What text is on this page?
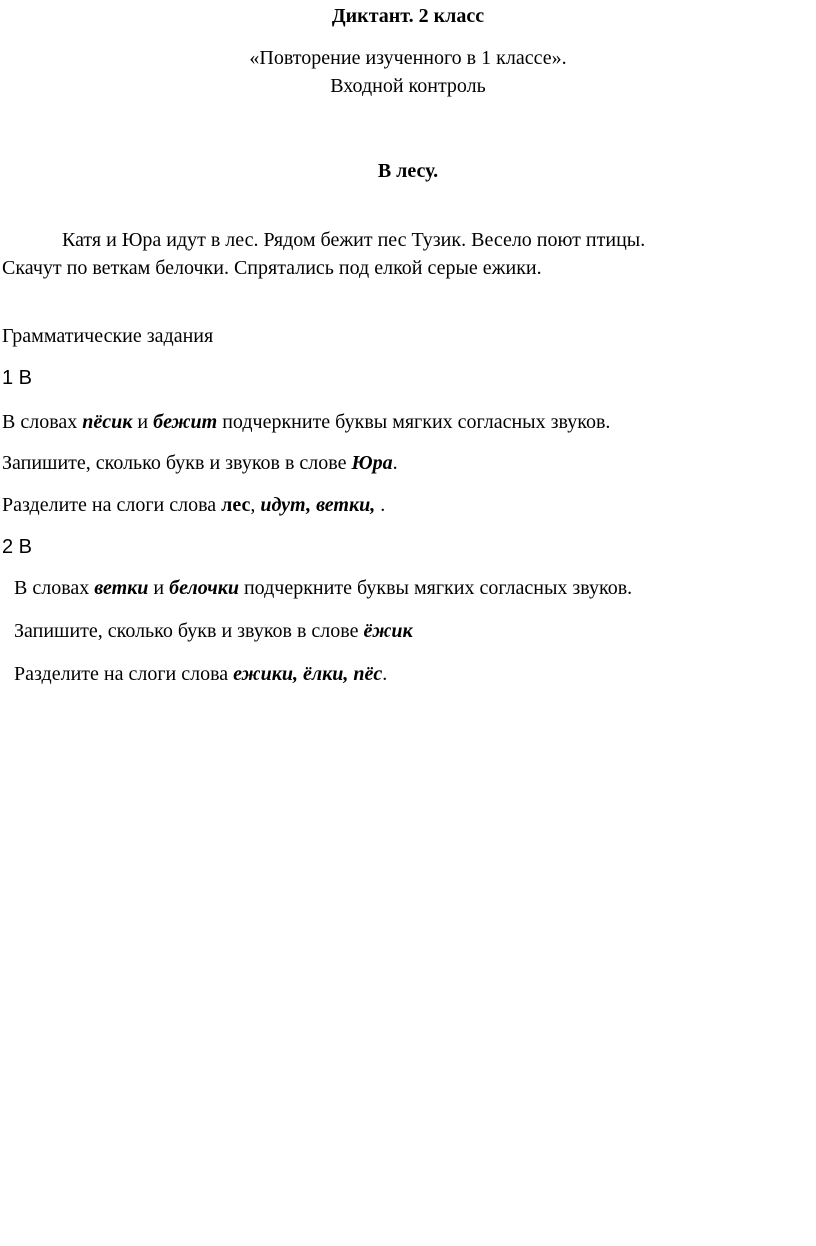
Диктант. 2 класс
«Повторение изученного в 1 классе».
Входной контроль
В лесу.
Катя и Юра идут в лес. Рядом бежит пес Тузик. Весело поют птицы.
Скачут по веткам белочки. Спрятались под елкой серые ежики.
Грамматические задания
1 В
В словах пёсик и бежит подчеркните буквы мягких согласных звуков.
Запишите, сколько букв и звуков в слове Юра.
Разделите на слоги слова лес, идут, ветки, .
2 В
В словах ветки и белочки подчеркните буквы мягких согласных звуков.
Запишите, сколько букв и звуков в слове ёжик
Разделите на слоги слова ежики, ёлки, пёс.
